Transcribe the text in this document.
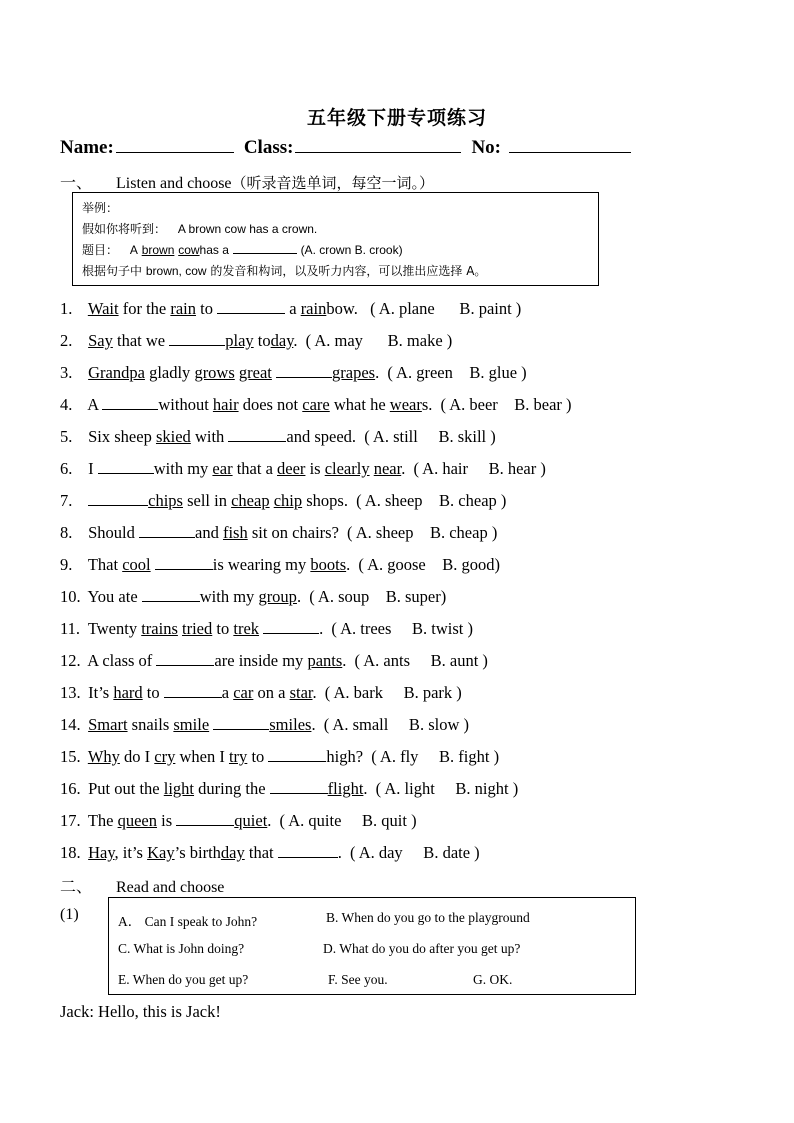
五年级下册专项练习
Name:	Class:	No:
一、 Listen and choose（听录音选单词，每空一词。）
举例：
假如你将听到： A brown cow has a crown.
题目： A brown cowhas a	(A. crown B. crook)
根据句子中 brown, cow 的发音和构词，以及听力内容，可以推出应选择 A。
1. Wait for the rain to	a rainbow.  ( A. plane      B. paint )
2. Say that we	play today. ( A. may      B. make )
3. Grandpa gladly grows great	grapes. ( A. green    B. glue )
4. A	without hair does not care what he wears. ( A. beer    B. bear )
5. Six sheep skied with	and speed. ( A. still     B. skill )
6. I	with my ear that a deer is clearly near. ( A. hair     B. hear )
7.	chips sell in cheap chip shops. ( A. sheep    B. cheap )
8. Should	and fish sit on chairs? ( A. sheep    B. cheap )
9. That cool	is wearing my boots. ( A. goose    B. good)
10. You ate	with my group. ( A. soup    B. super)
11. Twenty trains tried to trek	. ( A. trees     B. twist )
12. A class of	are inside my pants. ( A. ants     B. aunt )
13. It’s hard to	a car on a star. ( A. bark     B. park )
14. Smart snails smile	smiles. ( A. small     B. slow )
15. Why do I cry when I try to	high? ( A. fly     B. fight )
16. Put out the light during the	flight. ( A. light     B. night )
17. The queen is	quiet. ( A. quite     B. quit )
18. Hay, it’s Kay’s birthday that	. ( A. day     B. date )
二、 Read and choose
(1)	A． Can I speak to John?	B. When do you go to the playground
C. What is John doing?	D. What do you do after you get up?
E. When do you get up?	F. See you.	G. OK.
Jack: Hello, this is Jack!
